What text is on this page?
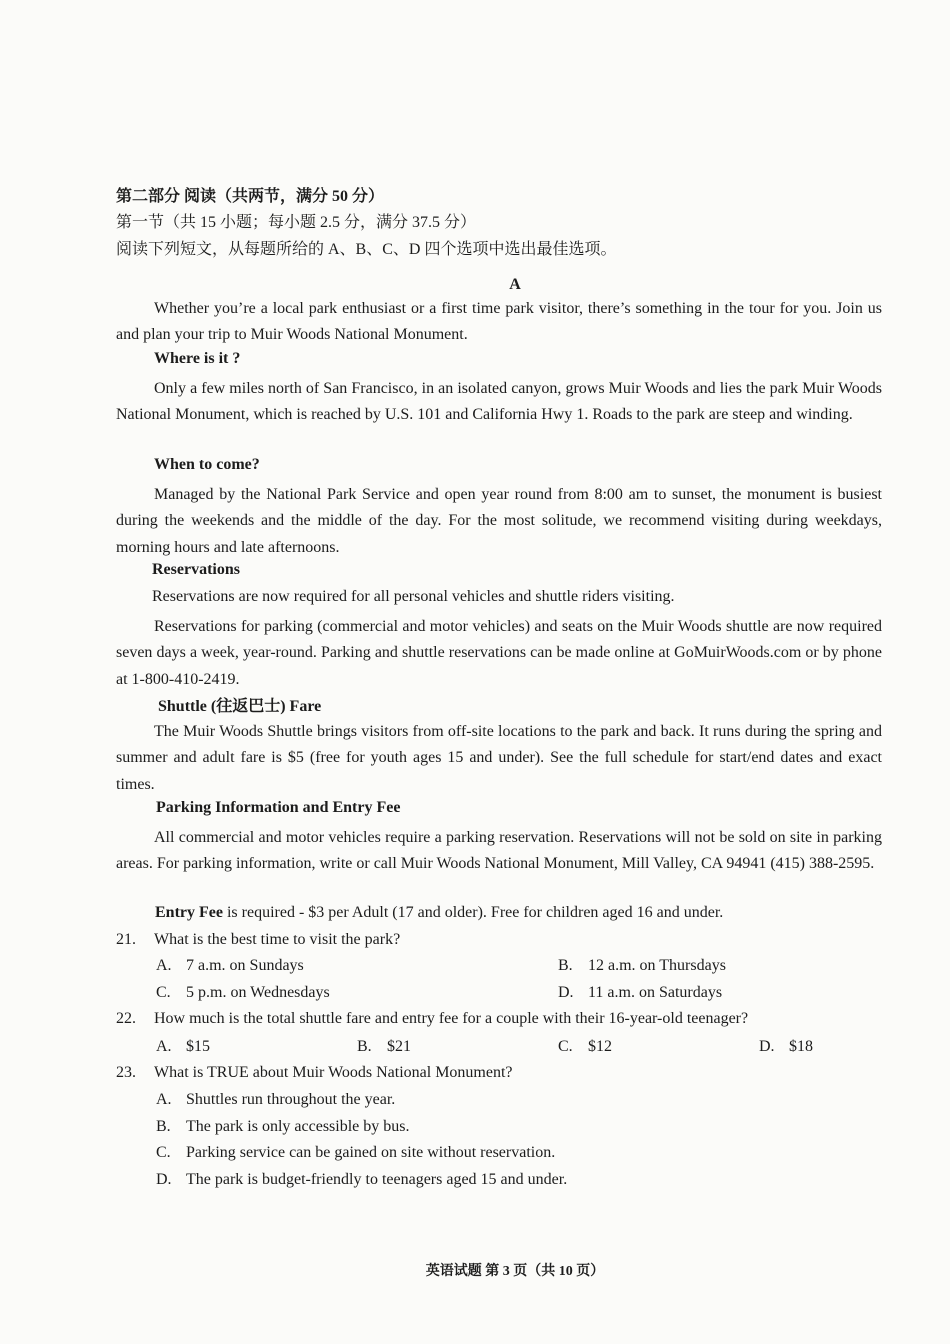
第二部分 阅读（共两节，满分 50 分）
第一节（共 15 小题；每小题 2.5 分，满分 37.5 分）
阅读下列短文，从每题所给的 A、B、C、D 四个选项中选出最佳选项。
A

Whether you’re a local park enthusiast or a first time park visitor, there’s something in the tour for you. Join us and plan your trip to Muir Woods National Monument.

Where is it ?

Only a few miles north of San Francisco, in an isolated canyon, grows Muir Woods and lies the park Muir Woods National Monument, which is reached by U.S. 101 and California Hwy 1. Roads to the park are steep and winding.

When to come?

Managed by the National Park Service and open year round from 8:00 am to sunset, the monument is busiest during the weekends and the middle of the day. For the most solitude, we recommend visiting during weekdays, morning hours and late afternoons.

Reservations
Reservations are now required for all personal vehicles and shuttle riders visiting.

Reservations for parking (commercial and motor vehicles) and seats on the Muir Woods shuttle are now required seven days a week, year-round. Parking and shuttle reservations can be made online at GoMuirWoods.com or by phone at 1-800-410-2419.

Shuttle (往返巴士) Fare

The Muir Woods Shuttle brings visitors from off-site locations to the park and back. It runs during the spring and summer and adult fare is $5 (free for youth ages 15 and under). See the full schedule for start/end dates and exact times.

Parking Information and Entry Fee

All commercial and motor vehicles require a parking reservation. Reservations will not be sold on site in parking areas. For parking information, write or call Muir Woods National Monument, Mill Valley, CA 94941 (415) 388-2595.

Entry Fee is required - $3 per Adult (17 and older). Free for children aged 16 and under.
21. What is the best time to visit the park?
A. 7 a.m. on Sundays	B. 12 a.m. on Thursdays
C. 5 p.m. on Wednesdays	D. 11 a.m. on Saturdays
22. How much is the total shuttle fare and entry fee for a couple with their 16-year-old teenager?
A. $15	B. $21	C. $12	D. $18
23. What is TRUE about Muir Woods National Monument?
A. Shuttles run throughout the year.
B. The park is only accessible by bus.
C. Parking service can be gained on site without reservation.
D. The park is budget-friendly to teenagers aged 15 and under.
英语试题 第 3 页（共 10 页）
